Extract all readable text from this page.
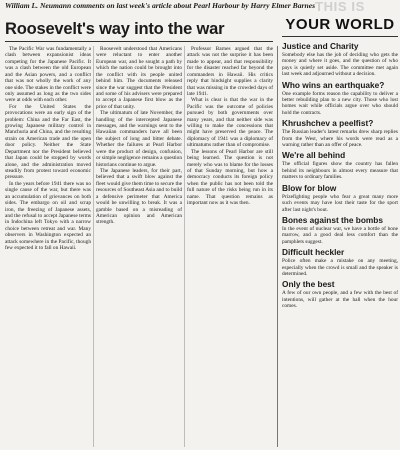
William L. Neumann comments on last week's article about Pearl Harbour by Harry Elmer Barnes
Roosevelt's way into the war

The Pacific War was fundamentally a clash between expansionist ideas competing for the Japanese Pacific. It was a clash between the old European and the Asian powers, and a conflict that was not wholly the work of any one side. The stakes in the conflict were only assumed as long as the two sides were at odds with each other.

For the United States the provocations were an early sign of the problem: China and the Far East, the growing Japanese military control in Manchuria and China, and the resulting strain on American trade and the open door policy. Neither the State Department nor the President believed that Japan could be stopped by words alone, and the administration moved steadily from protest toward economic pressure.

In the years before 1941 there was no single cause of the war, but there was an accumulation of grievances on both sides. The embargo on oil and scrap iron, the freezing of Japanese assets, and the refusal to accept Japanese terms in Indochina left Tokyo with a narrow choice between retreat and war. Many observers in Washington expected an attack somewhere in the Pacific, though few expected it to fall on Hawaii.

Roosevelt understood that Americans were reluctant to enter another European war, and he sought a path by which the nation could be brought into the conflict with its people united behind him. The documents released since the war suggest that the President and some of his advisers were prepared to accept a Japanese first blow as the price of that unity.

The ultimatum of late November, the handling of the intercepted Japanese messages, and the warnings sent to the Hawaiian commanders have all been the subject of long and bitter debate. Whether the failures at Pearl Harbor were the product of design, confusion, or simple negligence remains a question historians continue to argue.

The Japanese leaders, for their part, believed that a swift blow against the fleet would give them time to secure the resources of Southeast Asia and to build a defensive perimeter that America would be unwilling to break. It was a gamble based on a misreading of American opinion and American strength.

Professor Barnes argued that the attack was not the surprise it has been made to appear, and that responsibility for the disaster reached far beyond the commanders in Hawaii. His critics reply that hindsight supplies a clarity that was missing in the crowded days of late 1941.

What is clear is that the war in the Pacific was the outcome of policies pursued by both governments over many years, and that neither side was willing to make the concessions that might have preserved the peace. The diplomacy of 1941 was a diplomacy of ultimatums rather than of compromise.

The lessons of Pearl Harbor are still being learned. The question is not merely who was to blame for the losses of that Sunday morning, but how a democracy conducts its foreign policy when the public has not been told the full nature of the risks being run in its name. That question remains as important now as it was then.

THIS IS
YOUR WORLD
Justice and Charity

Somebody else has the job of deciding who gets the money and where it goes, and the question of who pays is quietly set aside. The committee met again last week and adjourned without a decision.

Who wins an earthquake?

One example forms reason the capability to deliver a better rebuilding plan to a new city. Those who lost homes wait while officials argue over who should hold the contracts.

Khrushchev a peelfist?

The Russian leader's latest remarks drew sharp replies from the West, where his words were read as a warning rather than an offer of peace.

We're all behind

The official figures show the country has fallen behind its neighbours in almost every measure that matters to ordinary families.

Blow for blow

Prizefighting people who fear a great many more such events may have lost their taste for the sport after last night's bout.

Bones against the bombs

In the event of nuclear war, we have a bottle of bone marrow, and a good deal less comfort than the pamphlets suggest.

Difficult heckler

Police often make a mistake on any meeting, especially when the crowd is small and the speaker is determined.

Only the best

A few of our own people, and a few with the best of intentions, will gather at the hall when the hour comes.
